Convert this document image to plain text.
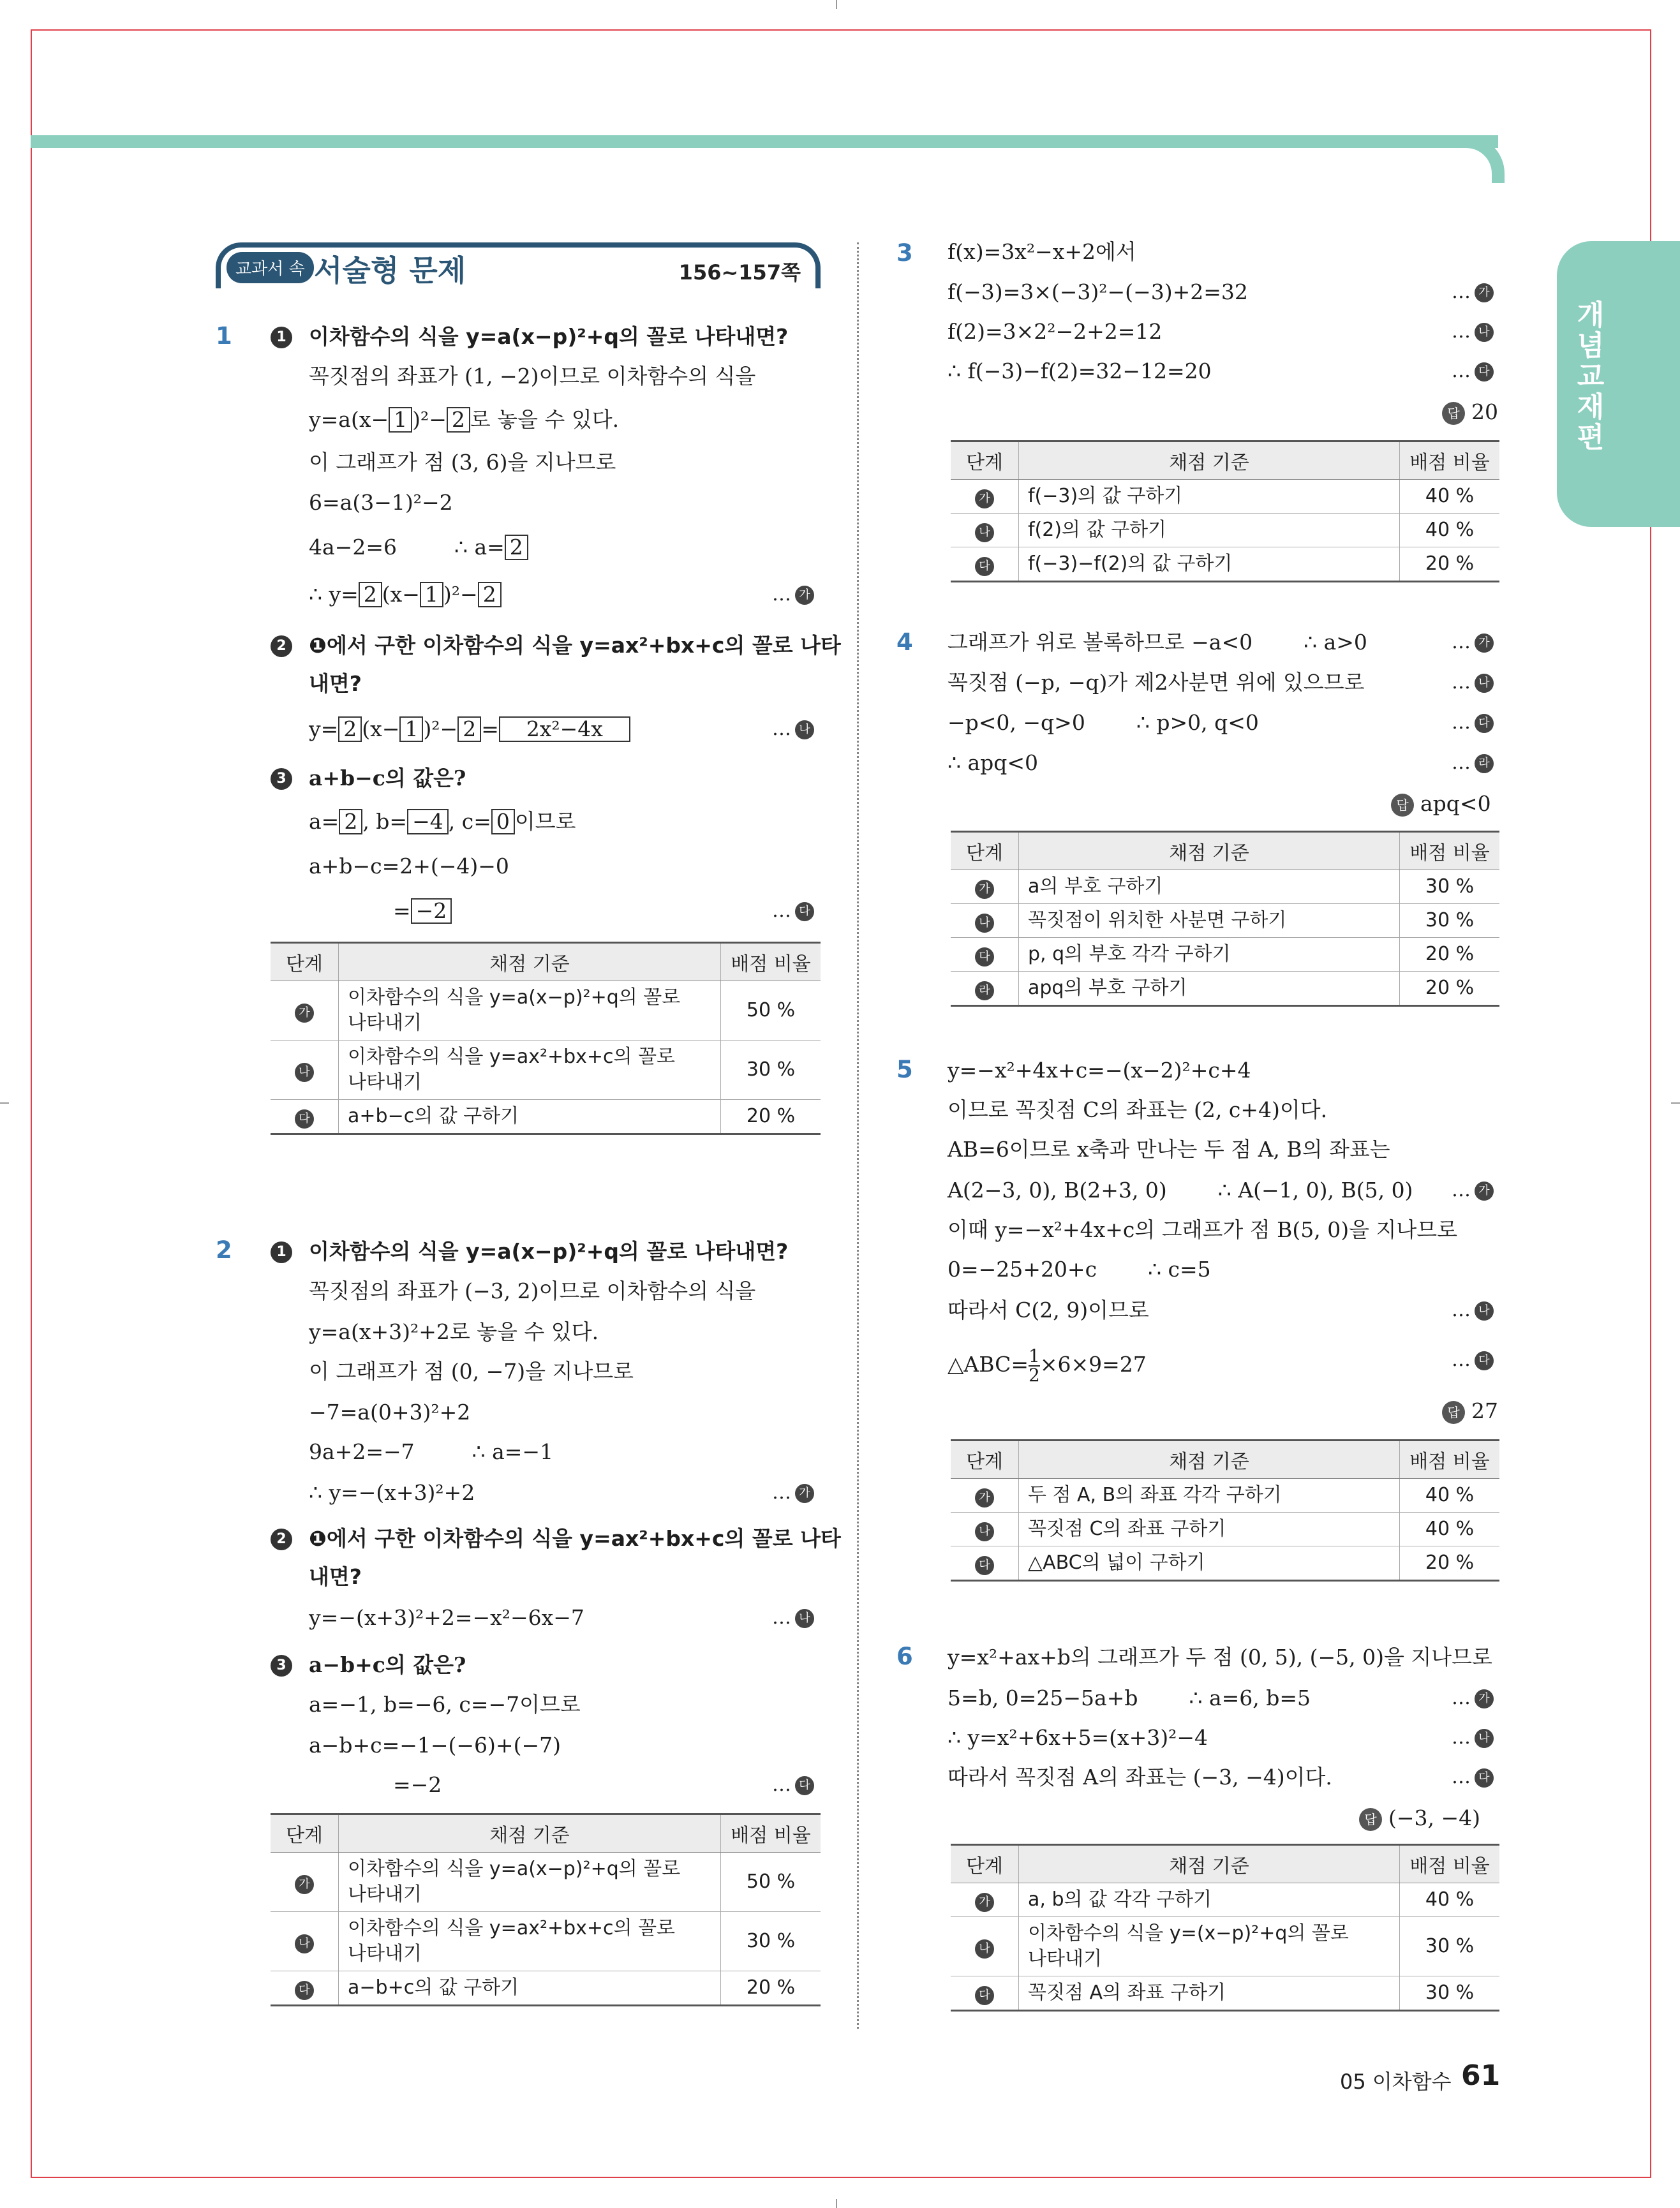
개념교재편
교과서 속 서술형 문제	156~157쪽
1	1 이차함수의 식을 y=a(x−p)²+q의 꼴로 나타내면?
꼭짓점의 좌표가 (1, −2)이므로 이차함수의 식을
y=a(x− 1 )²− 2 로 놓을 수 있다.
이 그래프가 점 (3, 6)을 지나므로
6=a(3−1)²−2
4a−2=6	∴ a= 2
∴ y= 2 (x− 1 )²− 2	… 가
2 ❶에서 구한 이차함수의 식을 y=ax²+bx+c의 꼴로 나타
내면?
y= 2 (x− 1 )²− 2 = 2x²−4x	… 나
3 a+b−c의 값은?
a= 2 , b= −4 , c= 0 이므로
a+b−c=2+(−4)−0
= −2	… 다
단계	채점 기준	배점 비율
가	이차함수의 식을 y=a(x−p)²+q의 꼴로
나타내기	50 %
나	이차함수의 식을 y=ax²+bx+c의 꼴로
나타내기	30 %
다	a+b−c의 값 구하기	20 %
2	1 이차함수의 식을 y=a(x−p)²+q의 꼴로 나타내면?
꼭짓점의 좌표가 (−3, 2)이므로 이차함수의 식을
y=a(x+3)²+2로 놓을 수 있다.
이 그래프가 점 (0, −7)을 지나므로
−7=a(0+3)²+2
9a+2=−7	∴ a=−1
∴ y=−(x+3)²+2	… 가
2 ❶에서 구한 이차함수의 식을 y=ax²+bx+c의 꼴로 나타
내면?
y=−(x+3)²+2=−x²−6x−7	… 나
3 a−b+c의 값은?
a=−1, b=−6, c=−7이므로
a−b+c=−1−(−6)+(−7)
=−2	… 다
단계	채점 기준	배점 비율
가	이차함수의 식을 y=a(x−p)²+q의 꼴로
나타내기	50 %
나	이차함수의 식을 y=ax²+bx+c의 꼴로
나타내기	30 %
다	a−b+c의 값 구하기	20 %
3 f(x)=3x²−x+2에서
f(−3)=3×(−3)²−(−3)+2=32	… 가
f(2)=3×2²−2+2=12	… 나
∴ f(−3)−f(2)=32−12=20	… 다
답 20
단계	채점 기준	배점 비율
가	f(−3)의 값 구하기	40 %
나	f(2)의 값 구하기	40 %
다	f(−3)−f(2)의 값 구하기	20 %
4 그래프가 위로 볼록하므로 −a<0 ∴ a>0	… 가
꼭짓점 (−p, −q)가 제2사분면 위에 있으므로	… 나
−p<0, −q>0 ∴ p>0, q<0	… 다
∴ apq<0	… 라
답 apq<0
단계	채점 기준	배점 비율
가	a의 부호 구하기	30 %
나	꼭짓점이 위치한 사분면 구하기	30 %
다	p, q의 부호 각각 구하기	20 %
라	apq의 부호 구하기	20 %
5 y=−x²+4x+c=−(x−2)²+c+4
이므로 꼭짓점 C의 좌표는 (2, c+4)이다.
AB=6이므로 x축과 만나는 두 점 A, B의 좌표는
A(2−3, 0), B(2+3, 0) ∴ A(−1, 0), B(5, 0) … 가
이때 y=−x²+4x+c의 그래프가 점 B(5, 0)을 지나므로
0=−25+20+c ∴ c=5
따라서 C(2, 9)이므로	… 나
△ABC= $\frac{1}{2} \times 6\times 9=27$	… 다
답 27
단계	채점 기준	배점 비율
가	두 점 A, B의 좌표 각각 구하기	40 %
나	꼭짓점 C의 좌표 구하기	40 %
다	△ABC의 넓이 구하기	20 %
6 y=x²+ax+b의 그래프가 두 점 (0, 5), (−5, 0)을 지나므로
5=b, 0=25−5a+b ∴ a=6, b=5	… 가
∴ y=x²+6x+5=(x+3)²−4	… 나
따라서 꼭짓점 A의 좌표는 (−3, −4)이다.	… 다
답 (−3, −4)
단계	채점 기준	배점 비율
가	a, b의 값 각각 구하기	40 %
나	이차함수의 식을 y=(x−p)²+q의 꼴로
나타내기	30 %
다	꼭짓점 A의 좌표 구하기	30 %
05 이차함수 61
